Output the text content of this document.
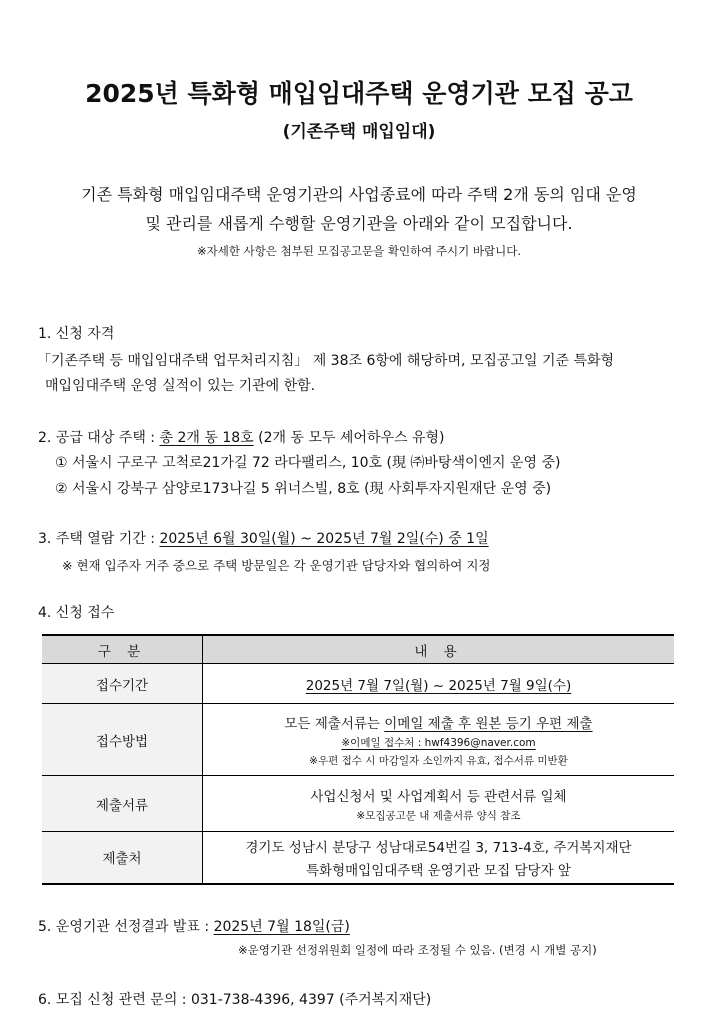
2025년 특화형 매입임대주택 운영기관 모집 공고
(기존주택 매입임대)
기존 특화형 매입임대주택 운영기관의 사업종료에 따라 주택 2개 동의 임대 운영
및 관리를 새롭게 수행할 운영기관을 아래와 같이 모집합니다.
※자세한 사항은 첨부된 모집공고문을 확인하여 주시기 바랍니다.
1. 신청 자격
「기존주택 등 매입임대주택 업무처리지침」 제 38조 6항에 해당하며, 모집공고일 기준 특화형
매입임대주택 운영 실적이 있는 기관에 한함.
2. 공급 대상 주택 : 총 2개 동 18호 (2개 동 모두 셰어하우스 유형)
① 서울시 구로구 고척로21가길 72 라다팰리스, 10호 (現 ㈜바탕색이엔지 운영 중)
② 서울시 강북구 삼양로173나길 5 위너스빌, 8호 (現 사회투자지원재단 운영 중)
3. 주택 열람 기간 : 2025년 6월 30일(월) ~ 2025년 7월 2일(수) 중 1일
※ 현재 입주자 거주 중으로 주택 방문일은 각 운영기관 담당자와 협의하여 지정
4. 신청 접수
구 분	내 용
접수기간	2025년 7월 7일(월) ~ 2025년 7월 9일(수)
접수방법	모든 제출서류는 이메일 제출 후 원본 등기 우편 제출
※이메일 접수처 : hwf4396@naver.com
※우편 접수 시 마감일자 소인까지 유효, 접수서류 미반환

제출서류	사업신청서 및 사업계획서 등 관련서류 일체
※모집공고문 내 제출서류 양식 참조

제출처	경기도 성남시 분당구 성남대로54번길 3, 713-4호, 주거복지재단
특화형매입임대주택 운영기관 모집 담당자 앞
5. 운영기관 선정결과 발표 : 2025년 7월 18일(금)
※운영기관 선정위원회 일정에 따라 조정될 수 있음. (변경 시 개별 공지)
6. 모집 신청 관련 문의 : 031-738-4396, 4397 (주거복지재단)
